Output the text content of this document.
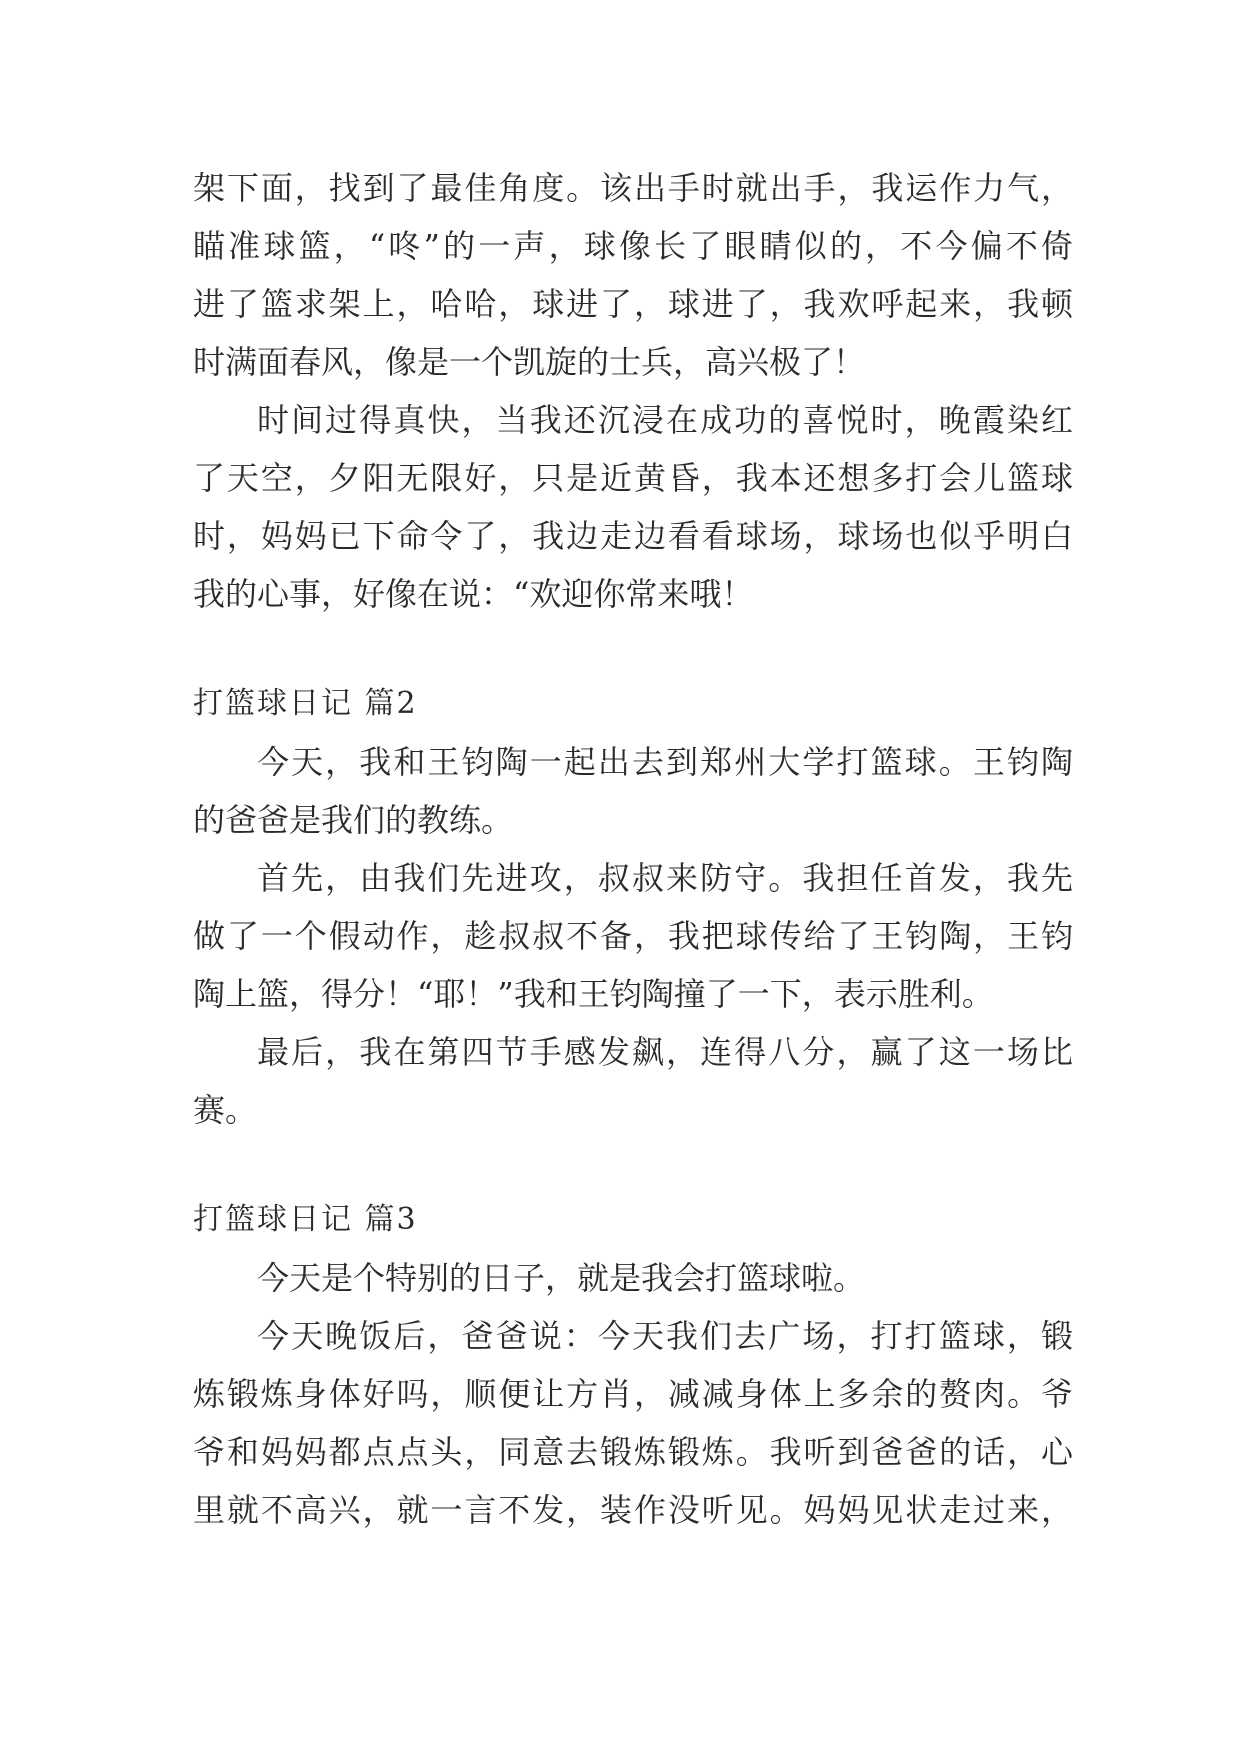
架下面，找到了最佳角度。该出手时就出手，我运作力气，
瞄准球篮，“咚”的一声，球像长了眼睛似的，不今偏不倚
进了篮求架上，哈哈，球进了，球进了，我欢呼起来，我顿
时满面春风，像是一个凯旋的士兵，高兴极了！
时间过得真快，当我还沉浸在成功的喜悦时，晚霞染红
了天空，夕阳无限好，只是近黄昏，我本还想多打会儿篮球
时，妈妈已下命令了，我边走边看看球场，球场也似乎明白
我的心事，好像在说：“欢迎你常来哦！
打篮球日记 篇2
今天，我和王钧陶一起出去到郑州大学打篮球。王钧陶
的爸爸是我们的教练。
首先，由我们先进攻，叔叔来防守。我担任首发，我先
做了一个假动作，趁叔叔不备，我把球传给了王钧陶，王钧
陶上篮，得分！“耶！”我和王钧陶撞了一下，表示胜利。
最后，我在第四节手感发飙，连得八分，赢了这一场比
赛。
打篮球日记 篇3
今天是个特别的日子，就是我会打篮球啦。
今天晚饭后，爸爸说：今天我们去广场，打打篮球，锻
炼锻炼身体好吗，顺便让方肖，减减身体上多余的赘肉。爷
爷和妈妈都点点头，同意去锻炼锻炼。我听到爸爸的话，心
里就不高兴，就一言不发，装作没听见。妈妈见状走过来，
